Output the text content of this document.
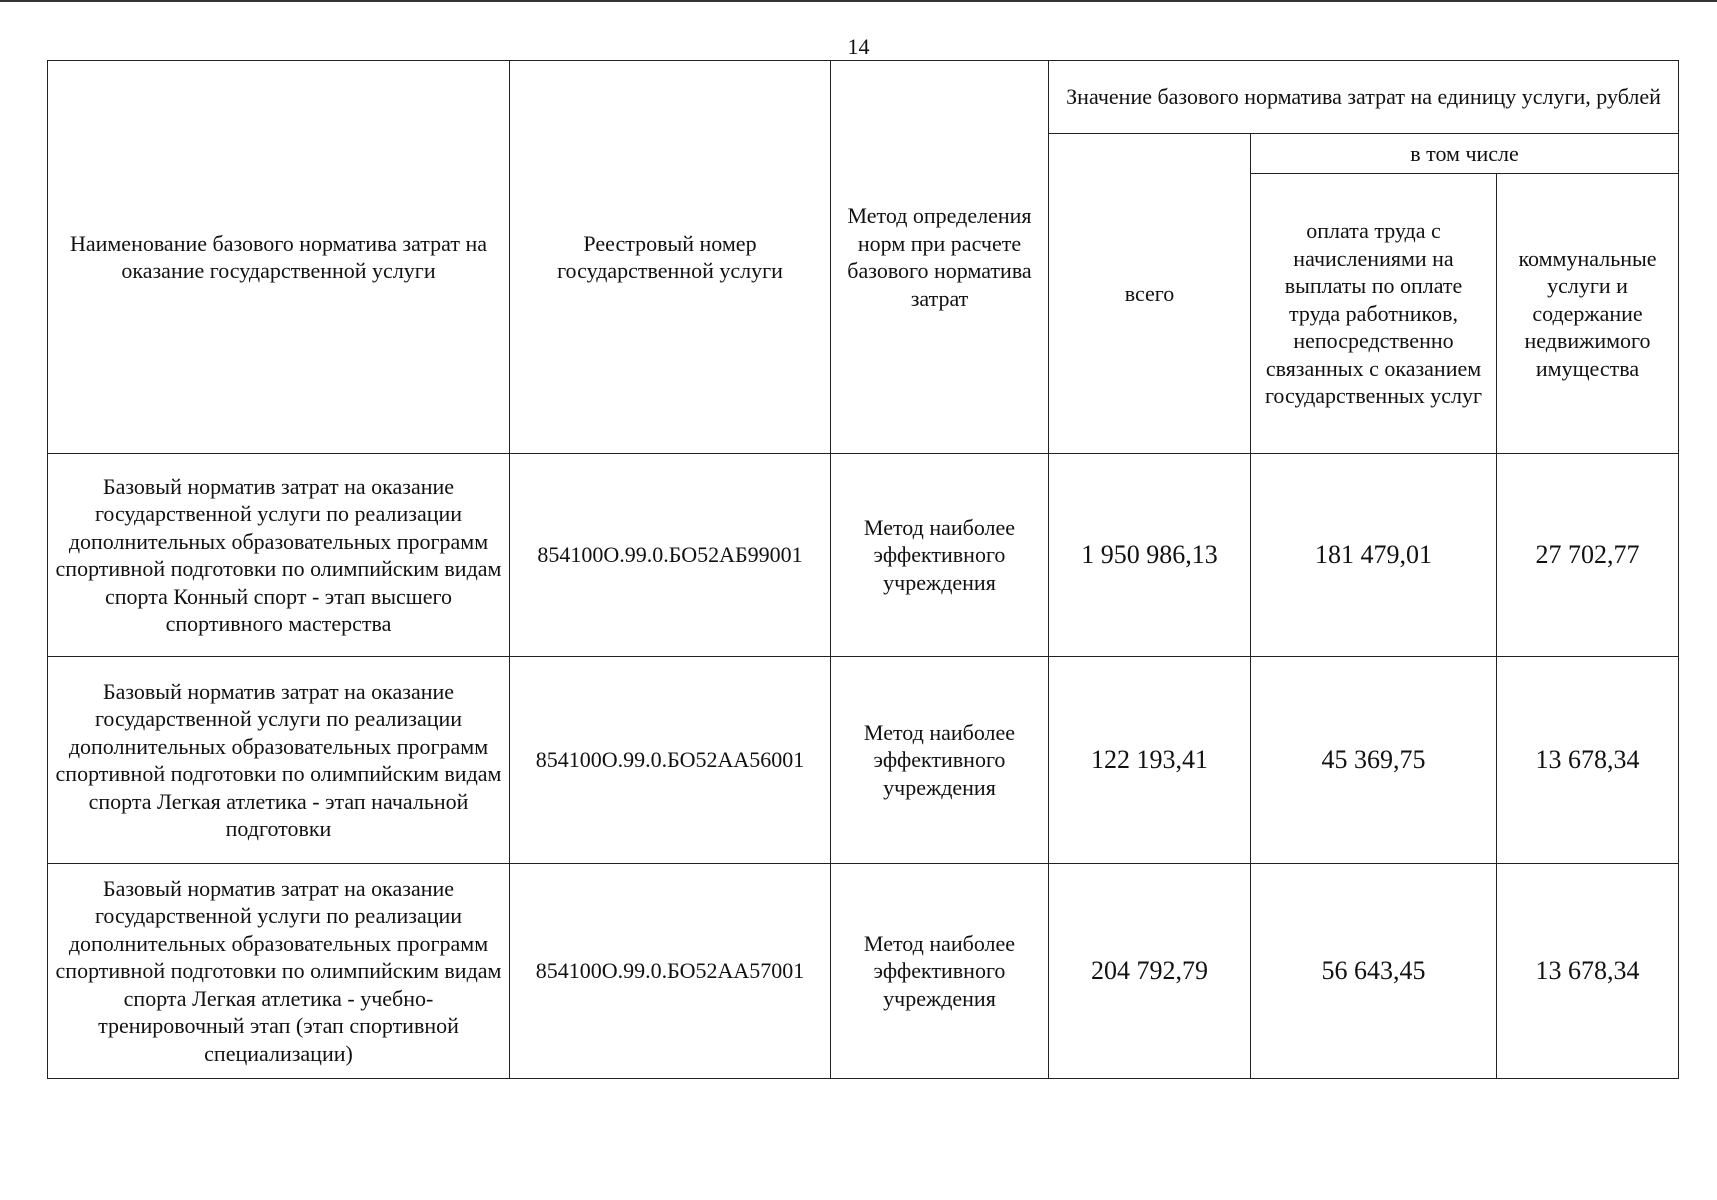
14
Наименование базового норматива затрат на оказание государственной услуги	Реестровый номер государственной услуги	Метод определения норм при расчете базового норматива затрат	Значение базового норматива затрат на единицу услуги, рублей		
			всего	в том числе	
				оплата труда с начислениями на выплаты по оплате труда работников, непосредственно связанных с оказанием государственных услуг	коммунальные услуги и содержание недвижимого имущества
Базовый норматив затрат на оказание государственной услуги по реализации дополнительных образовательных программ спортивной подготовки по олимпийским видам спорта Конный спорт - этап высшего спортивного мастерства	854100О.99.0.БО52АБ99001	Метод наиболее эффективного учреждения	1 950 986,13	181 479,01	27 702,77
Базовый норматив затрат на оказание государственной услуги по реализации дополнительных образовательных программ спортивной подготовки по олимпийским видам спорта Легкая атлетика - этап начальной подготовки	854100О.99.0.БО52АА56001	Метод наиболее эффективного учреждения	122 193,41	45 369,75	13 678,34
Базовый норматив затрат на оказание государственной услуги по реализации дополнительных образовательных программ спортивной подготовки по олимпийским видам спорта Легкая атлетика - учебно-тренировочный этап (этап спортивной специализации)	854100О.99.0.БО52АА57001	Метод наиболее эффективного учреждения	204 792,79	56 643,45	13 678,34
